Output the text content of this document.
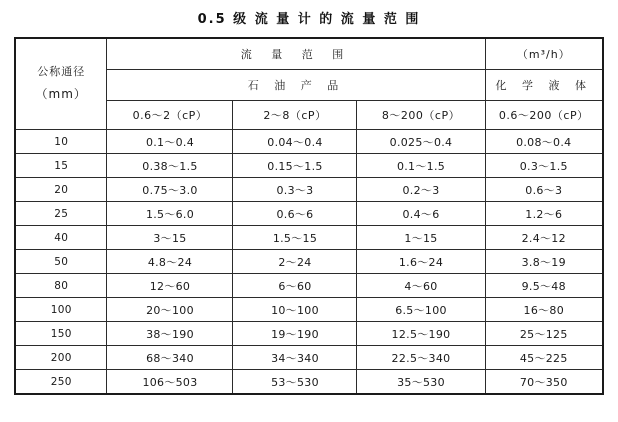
0.5 级 流 量 计 的 流 量 范 围
公称通径
（mm）	流 量 范 围			（m³/h）
	石 油 产 品			化 学 液 体
	0.6～2（cP）	2～8（cP）	8～200（cP）	0.6～200（cP）
10	0.1～0.4	0.04～0.4	0.025～0.4	0.08～0.4
15	0.38～1.5	0.15～1.5	0.1～1.5	0.3～1.5
20	0.75～3.0	0.3～3	0.2～3	0.6～3
25	1.5～6.0	0.6～6	0.4～6	1.2～6
40	3～15	1.5～15	1～15	2.4～12
50	4.8～24	2～24	1.6～24	3.8～19
80	12～60	6～60	4～60	9.5～48
100	20～100	10～100	6.5～100	16～80
150	38～190	19～190	12.5～190	25～125
200	68～340	34～340	22.5～340	45～225
250	106～503	53～530	35～530	70～350
